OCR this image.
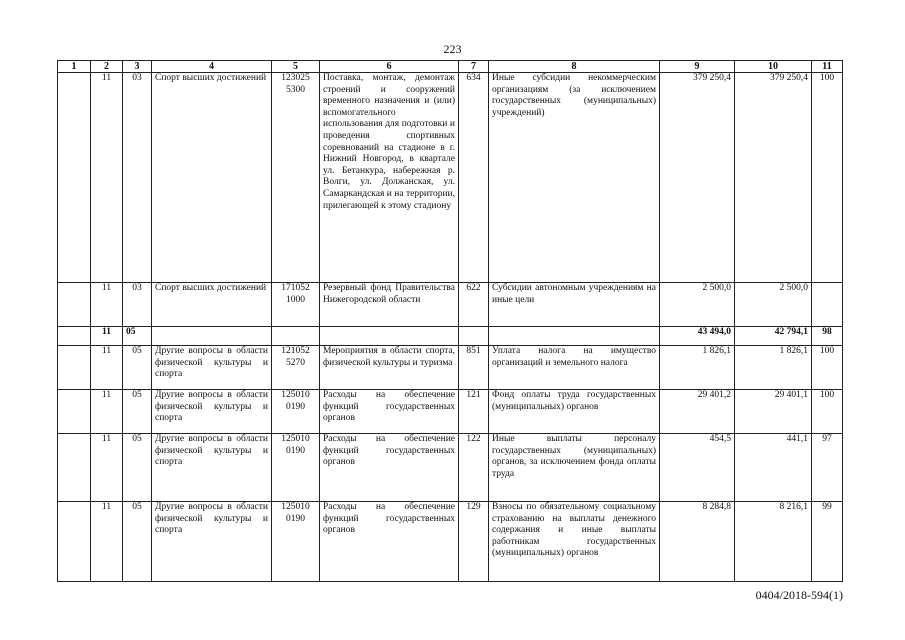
223
1	2	3	4	5	6	7	8	9	10	11
	11	03	Спорт высших достижений	123025 5300	Поставка, монтаж, демонтаж строений и сооружений временного назначения и (или) вспомогательного использования для подготовки и проведения спортивных соревнований на стадионе в г. Нижний Новгород, в квартале ул. Бетанкура, набережная р. Волги, ул. Должанская, ул. Самаркандская и на территории, прилегающей к этому стадиону	634	Иные субсидии некоммерческим организациям (за исключением государственных (муниципальных) учреждений)	379 250,4	379 250,4	100
	11	03	Спорт высших достижений	171052 1000	Резервный фонд Правительства Нижегородской области	622	Субсидии автономным учреждениям на иные цели	2 500,0	2 500,0	
	11	05						43 494,0	42 794,1	98
	11	05	Другие вопросы в области физической культуры и спорта	121052 5270	Мероприятия в области спорта, физической культуры и туризма	851	Уплата налога на имущество организаций и земельного налога	1 826,1	1 826,1	100
	11	05	Другие вопросы в области физической культуры и спорта	125010 0190	Расходы на обеспечение функций государственных органов	121	Фонд оплаты труда государственных (муниципальных) органов	29 401,2	29 401,1	100
	11	05	Другие вопросы в области физической культуры и спорта	125010 0190	Расходы на обеспечение функций государственных органов	122	Иные выплаты персоналу государственных (муниципальных) органов, за исключением фонда оплаты труда	454,5	441,1	97
	11	05	Другие вопросы в области физической культуры и спорта	125010 0190	Расходы на обеспечение функций государственных органов	129	Взносы по обязательному социальному страхованию на выплаты денежного содержания и иные выплаты работникам государственных (муниципальных) органов	8 284,8	8 216,1	99
0404/2018-594(1)
